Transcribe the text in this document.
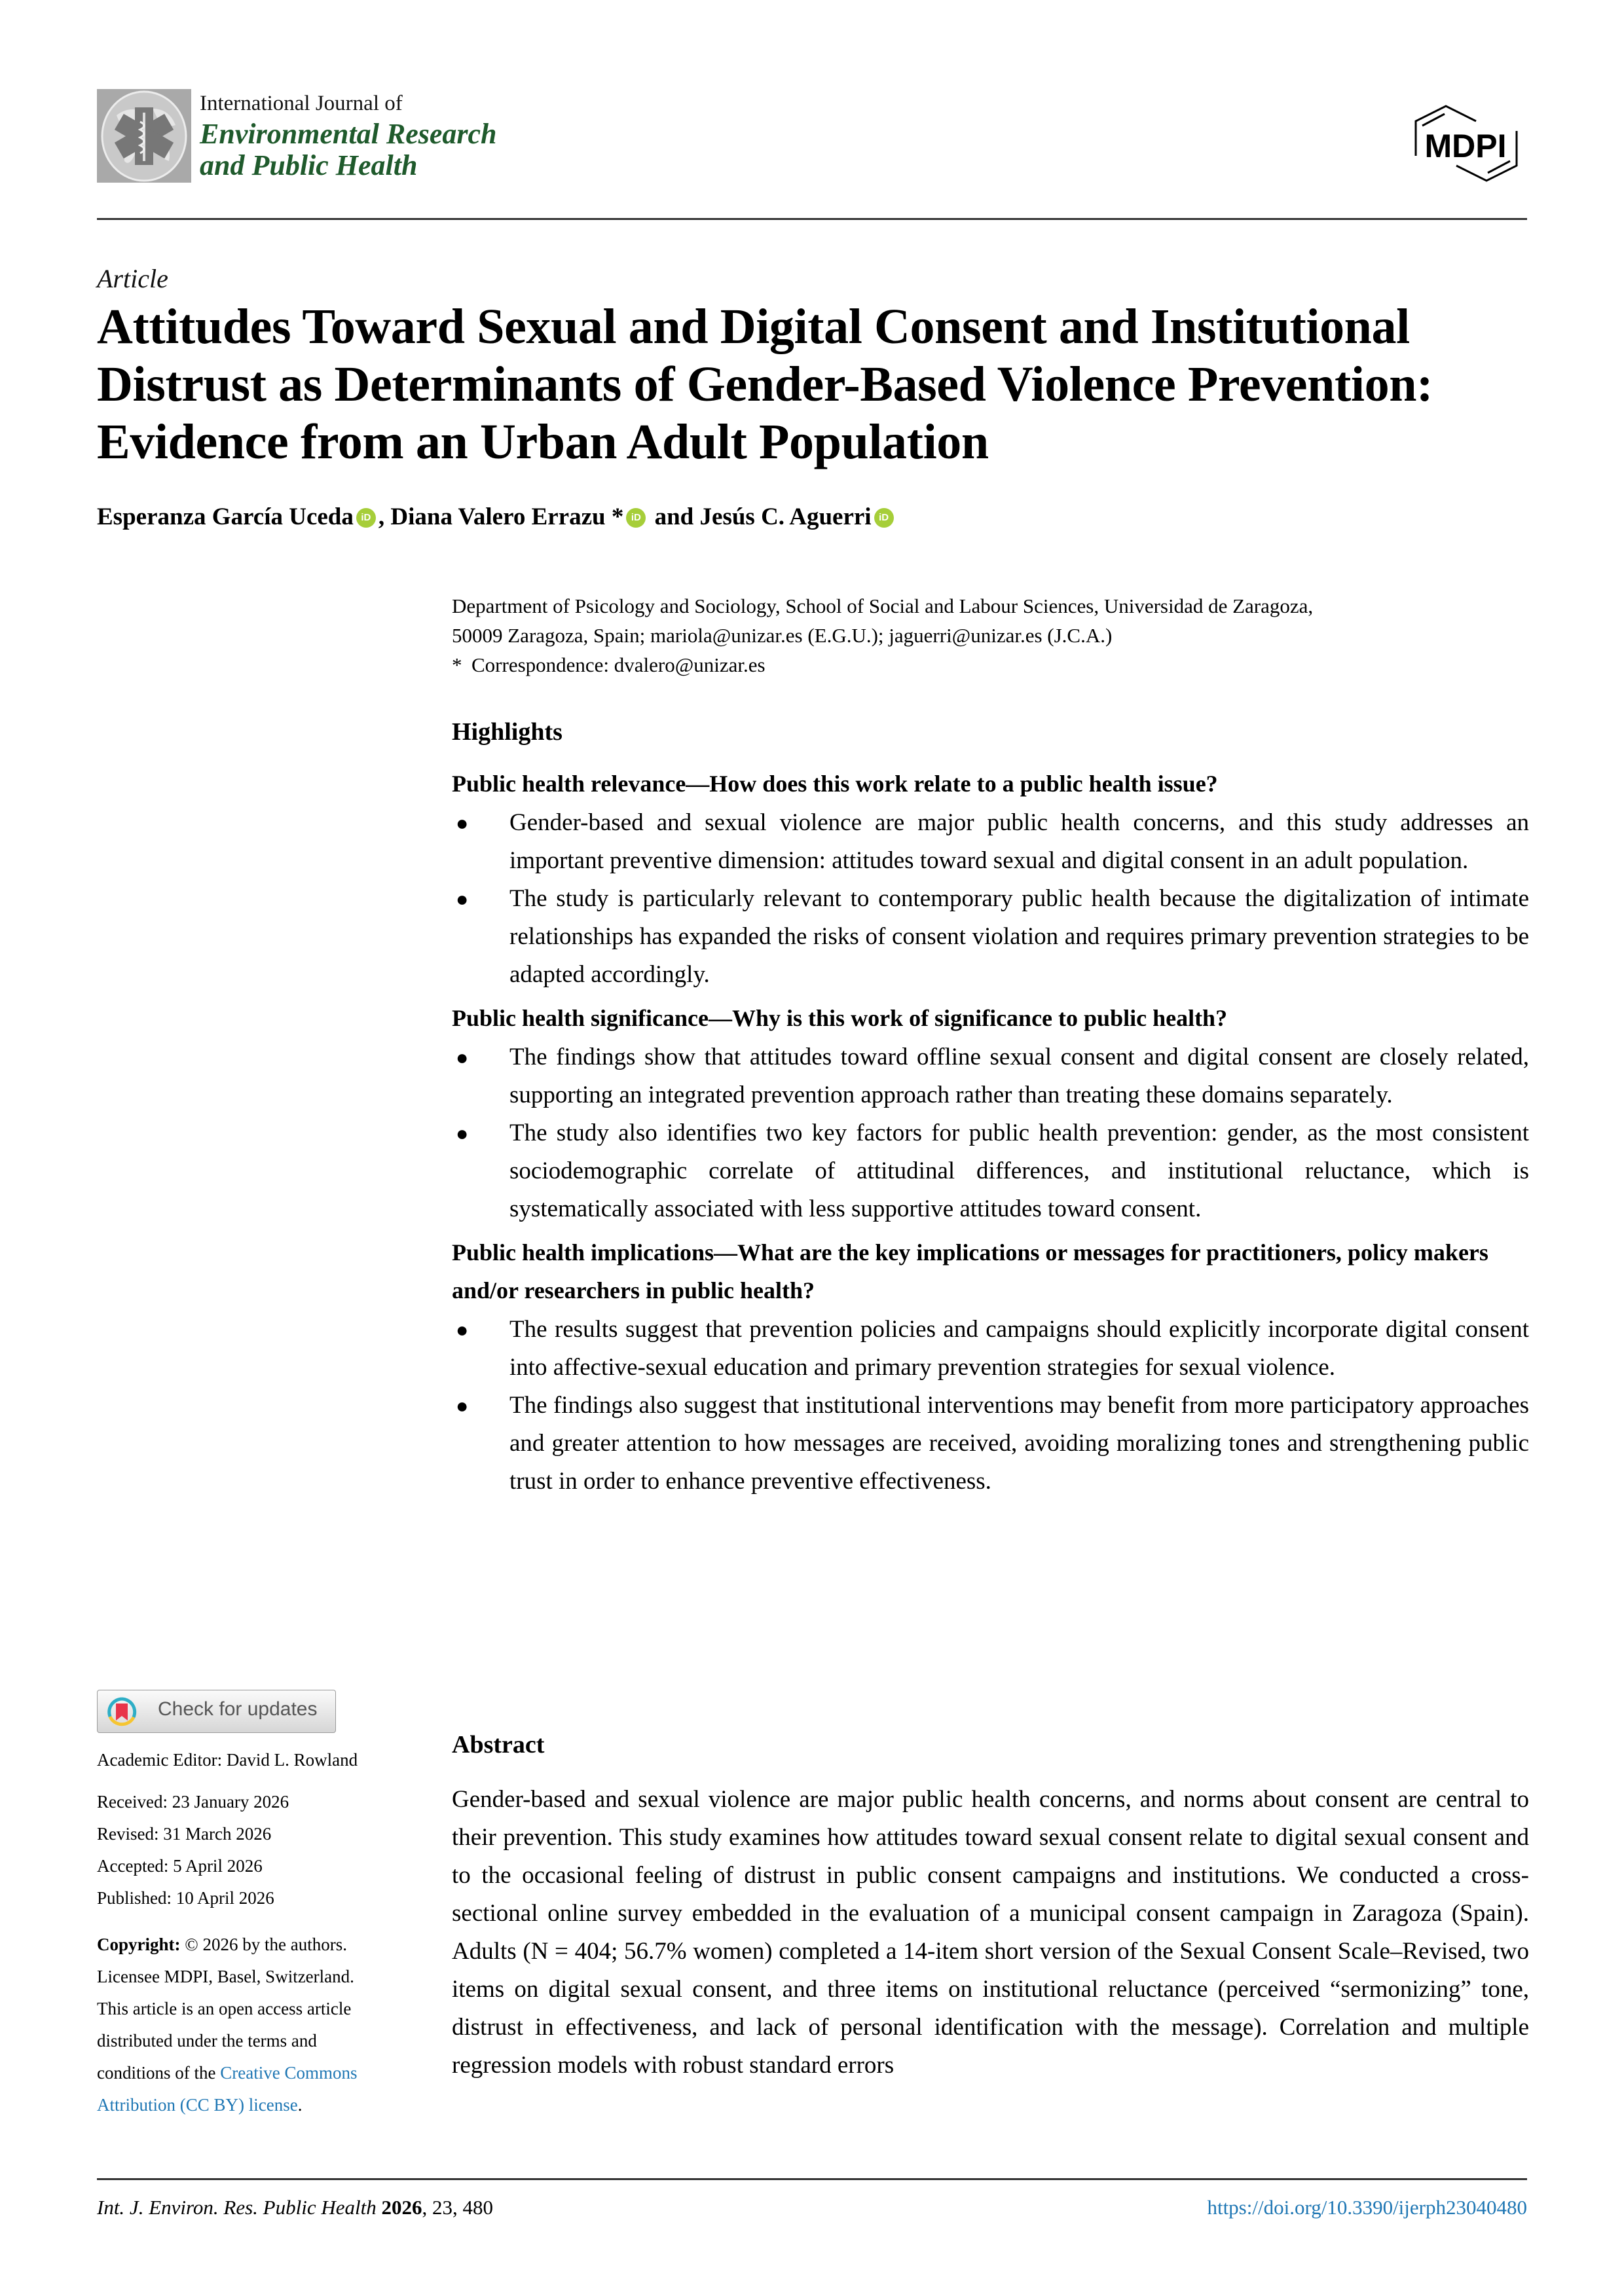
International Journal of
Environmental Research
and Public Health
MDPI
Article
Attitudes Toward Sexual and Digital Consent and Institutional
Distrust as Determinants of Gender-Based Violence Prevention:
Evidence from an Urban Adult Population
Esperanza García Uceda iD , Diana Valero Errazu * iD and Jesús C. Aguerri iD
Department of Psicology and Sociology, School of Social and Labour Sciences, Universidad de Zaragoza,
50009 Zaragoza, Spain; mariola@unizar.es (E.G.U.); jaguerri@unizar.es (J.C.A.)
* Correspondence: dvalero@unizar.es
Highlights
Public health relevance—How does this work relate to a public health issue?
● Gender-based and sexual violence are major public health concerns, and this study addresses an important preventive dimension: attitudes toward sexual and digital consent in an adult population.
● The study is particularly relevant to contemporary public health because the digitalization of intimate relationships has expanded the risks of consent violation and requires primary prevention strategies to be adapted accordingly.
Public health significance—Why is this work of significance to public health?
● The findings show that attitudes toward offline sexual consent and digital consent are closely related, supporting an integrated prevention approach rather than treating these domains separately.
● The study also identifies two key factors for public health prevention: gender, as the most consistent sociodemographic correlate of attitudinal differences, and institutional reluctance, which is systematically associated with less supportive attitudes toward consent.
Public health implications—What are the key implications or messages for practitioners, policy makers and/or researchers in public health?
● The results suggest that prevention policies and campaigns should explicitly incorporate digital consent into affective-sexual education and primary prevention strategies for sexual violence.
● The findings also suggest that institutional interventions may benefit from more participatory approaches and greater attention to how messages are received, avoiding moralizing tones and strengthening public trust in order to enhance preventive effectiveness.
Abstract
Gender-based and sexual violence are major public health concerns, and norms about consent are central to their prevention. This study examines how attitudes toward sexual consent relate to digital sexual consent and to the occasional feeling of distrust in public consent campaigns and institutions. We conducted a cross-sectional online survey embedded in the evaluation of a municipal consent campaign in Zaragoza (Spain). Adults (N = 404; 56.7% women) completed a 14-item short version of the Sexual Consent Scale–Revised, two items on digital sexual consent, and three items on institutional reluctance (perceived “sermonizing” tone, distrust in effectiveness, and lack of personal identification with the message). Correlation and multiple regression models with robust standard errors
Check for updates
Academic Editor: David L. Rowland
Received: 23 January 2026
Revised: 31 March 2026
Accepted: 5 April 2026
Published: 10 April 2026
Copyright: © 2026 by the authors.
Licensee MDPI, Basel, Switzerland.
This article is an open access article
distributed under the terms and
conditions of the Creative Commons
Attribution (CC BY) license.
Int. J. Environ. Res. Public Health 2026, 23, 480	https://doi.org/10.3390/ijerph23040480
